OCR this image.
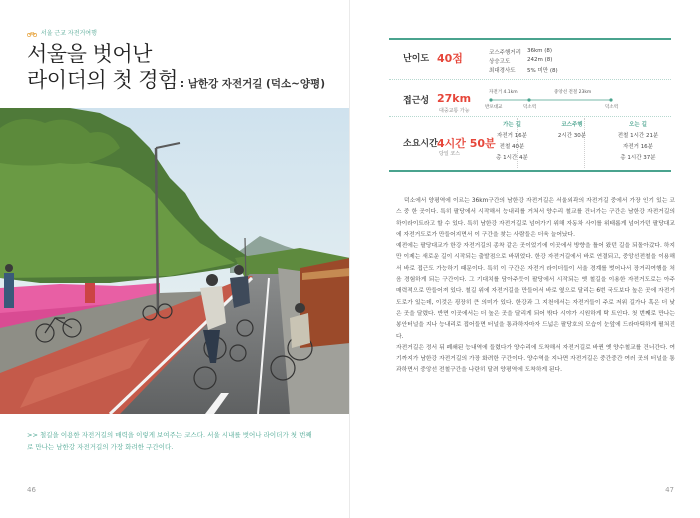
서울 근교 자전거여행
서울을 벗어난
라이더의 첫 경험 : 남한강 자전거길 (덕소~양평)
>> 철길을 이용한 자전거길의 매력을 이렇게 보여주는 코스다. 서울 시내를 벗어나 라이더가 첫 번째로 만나는 남한강 자전거길의 가장 화려한 구간이다.
46
난이도 40점	코스주행거리 36km (8)
상승고도	242m (8)
최대경사도 5% 미만 (8)
접근성 27km
대중교통 가능
자전거 4.1km	중앙선 전철 23km
반포대교	덕소역	덕소역
소요시간 4시간 50분
당일 코스
가는 길
자전거 16분
전철 40분
총 1시간 4분
코스주행
2시간 30분
오는 길
전철 1시간 21분
자전거 16분
총 1시간 37분

덕소에서 양평역에 이르는 36km구간의 남한강 자전거길은 서울외곽의 자전거길 중에서 가장 인기 있는 코스 중 한 곳이다. 특히 팔당에서 시작해서 능내리를 거쳐서 양수리 철교를 건너가는 구간은 남한강 자전거길의 하이라이트라고 할 수 있다. 특히 남한강 자전거길로 넘어가기 위해 자동차 사이를 위태롭게 넘어가던 팔당대교에 자전거도로가 만들어지면서 이 구간을 찾는 사람들은 더욱 늘어났다.

예전에는 팔당대교가 한강 자전거길의 종착 같은 곳이었기에 이곳에서 방향을 틀어 왔던 길을 되돌아갔다. 하지만 이제는 새로운 길이 시작되는 출발점으로 바뀌었다. 한강 자전거길에서 바로 연결되고, 중앙선전철을 이용해서 바로 접근도 가능하기 때문이다. 특히 이 구간은 자전거 라이더들이 서울 경계를 벗어나서 장거리여행을 처음 경험하게 되는 구간이다. 그 기대치를 담아주듯이 팔당에서 시작되는 옛 철길을 이용한 자전거도로는 아주 매력적으로 만들어져 있다. 철길 위에 자전거길을 만들어서 바로 옆으로 달리는 6번 국도보다 높은 곳에 자전거도로가 있는데, 이것은 굉장히 큰 의미가 있다. 한강과 그 지천에서는 자전거들이 주로 저위 길가나 혹은 더 낮은 곳을 달렸다. 반면 이곳에서는 더 높은 곳을 달리게 되어 밖다 시야가 시원하게 탁 트인다. 첫 번째로 만나는 봉안터널을 지나 능내리로 접어들면 터널을 통과하자마자 드넓은 팔당호의 모습이 눈앞에 드라마틱하게 펼쳐진다.

자전거길은 정서 뒤 폐쇄된 능내역에 들렸다가 양수리에 도착해서 자전거길로 바뀐 옛 양수철교를 건너간다. 여기까지가 남한강 자전거길의 가장 화려한 구간이다. 양수역을 지나면 자전거길은 중간중간 여러 곳의 터널을 통과하면서 중앙선 전철구간을 나란히 달려 양평역에 도착하게 된다.

47
